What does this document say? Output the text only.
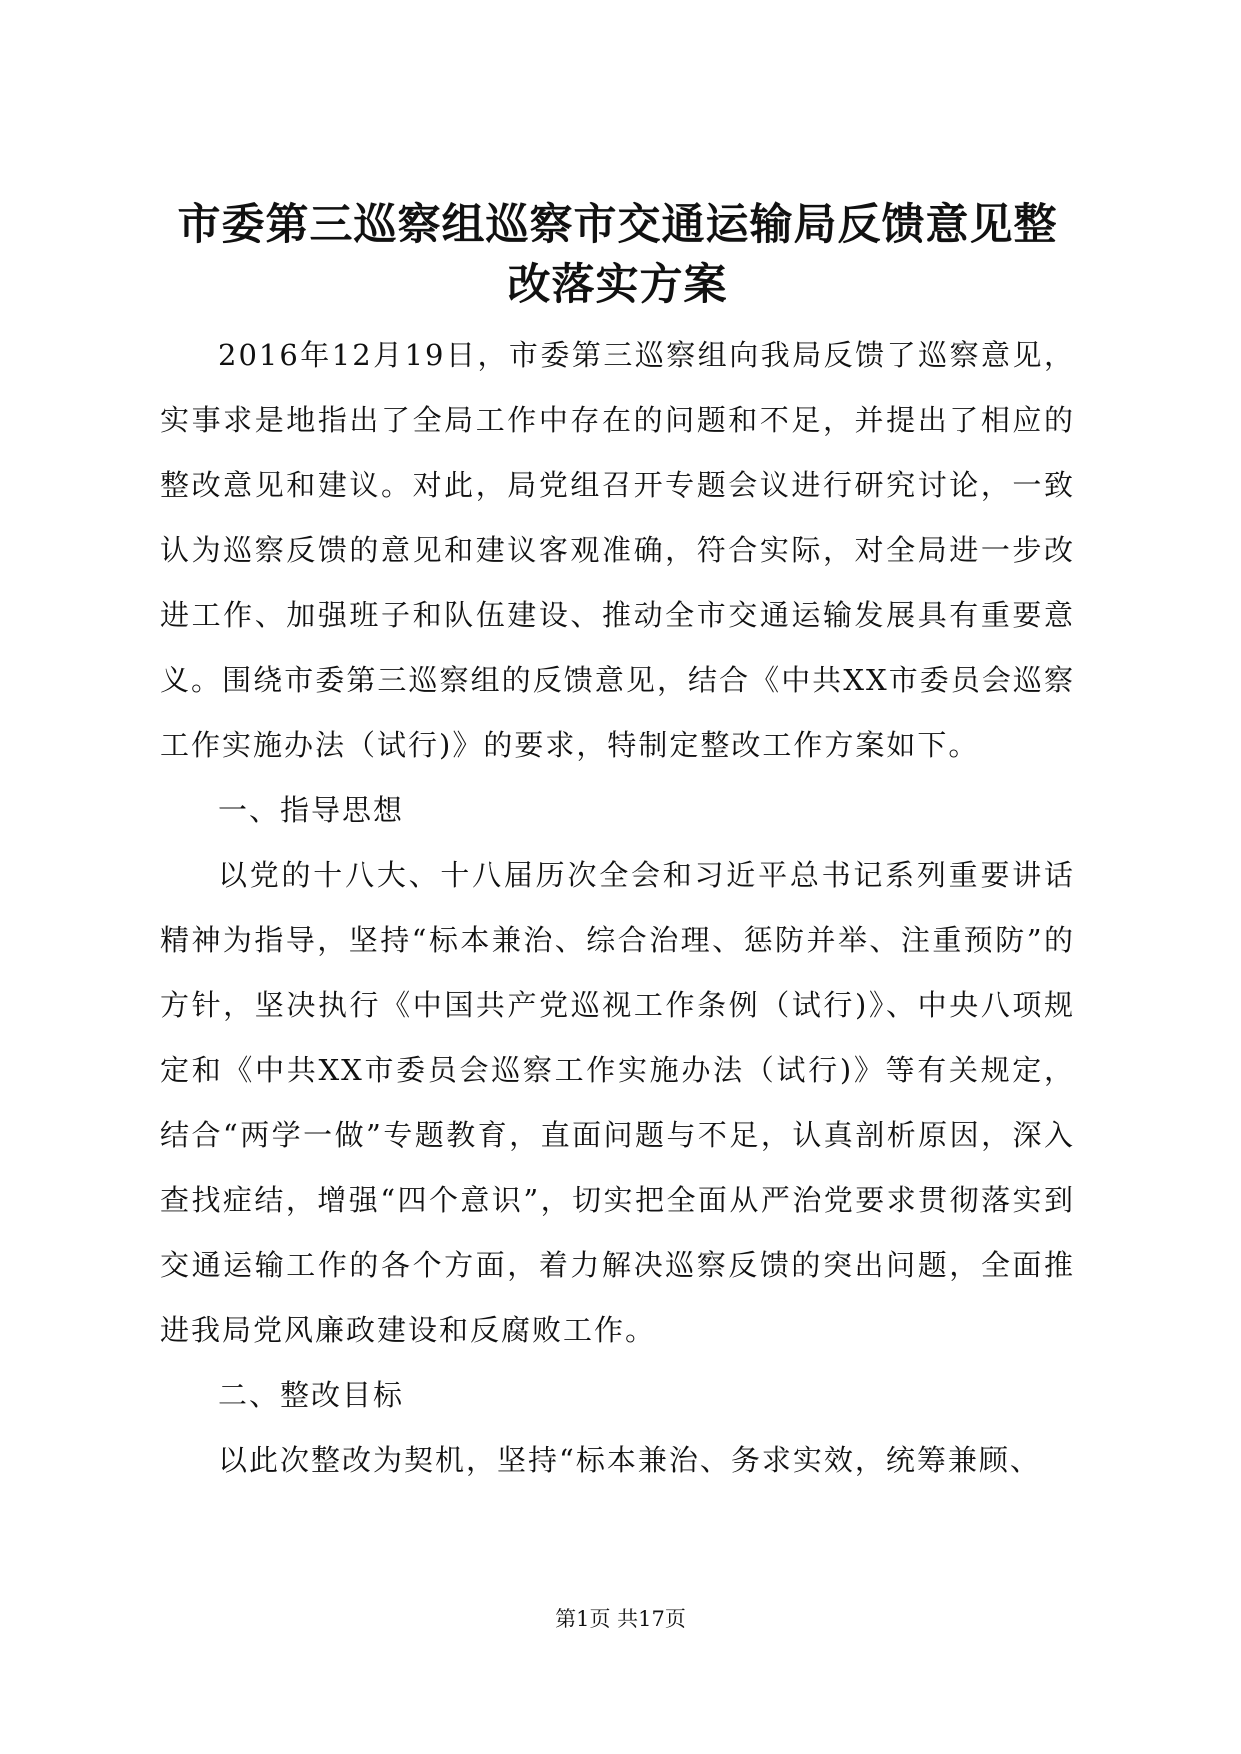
市委第三巡察组巡察市交通运输局反馈意见整改落实方案

2016年12月19日，市委第三巡察组向我局反馈了巡察意见，实事求是地指出了全局工作中存在的问题和不足，并提出了相应的整改意见和建议。对此，局党组召开专题会议进行研究讨论，一致认为巡察反馈的意见和建议客观准确，符合实际，对全局进一步改进工作、加强班子和队伍建设、推动全市交通运输发展具有重要意义。围绕市委第三巡察组的反馈意见，结合《中共XX市委员会巡察工作实施办法（试行)》的要求，特制定整改工作方案如下。

一、指导思想

以党的十八大、十八届历次全会和习近平总书记系列重要讲话精神为指导，坚持“标本兼治、综合治理、惩防并举、注重预防”的方针，坚决执行《中国共产党巡视工作条例（试行)》、中央八项规定和《中共XX市委员会巡察工作实施办法（试行)》等有关规定，结合“两学一做”专题教育，直面问题与不足，认真剖析原因，深入查找症结，增强“四个意识”，切实把全面从严治党要求贯彻落实到交通运输工作的各个方面，着力解决巡察反馈的突出问题，全面推进我局党风廉政建设和反腐败工作。

二、整改目标

以此次整改为契机，坚持“标本兼治、务求实效，统筹兼顾、

第1页 共17页
